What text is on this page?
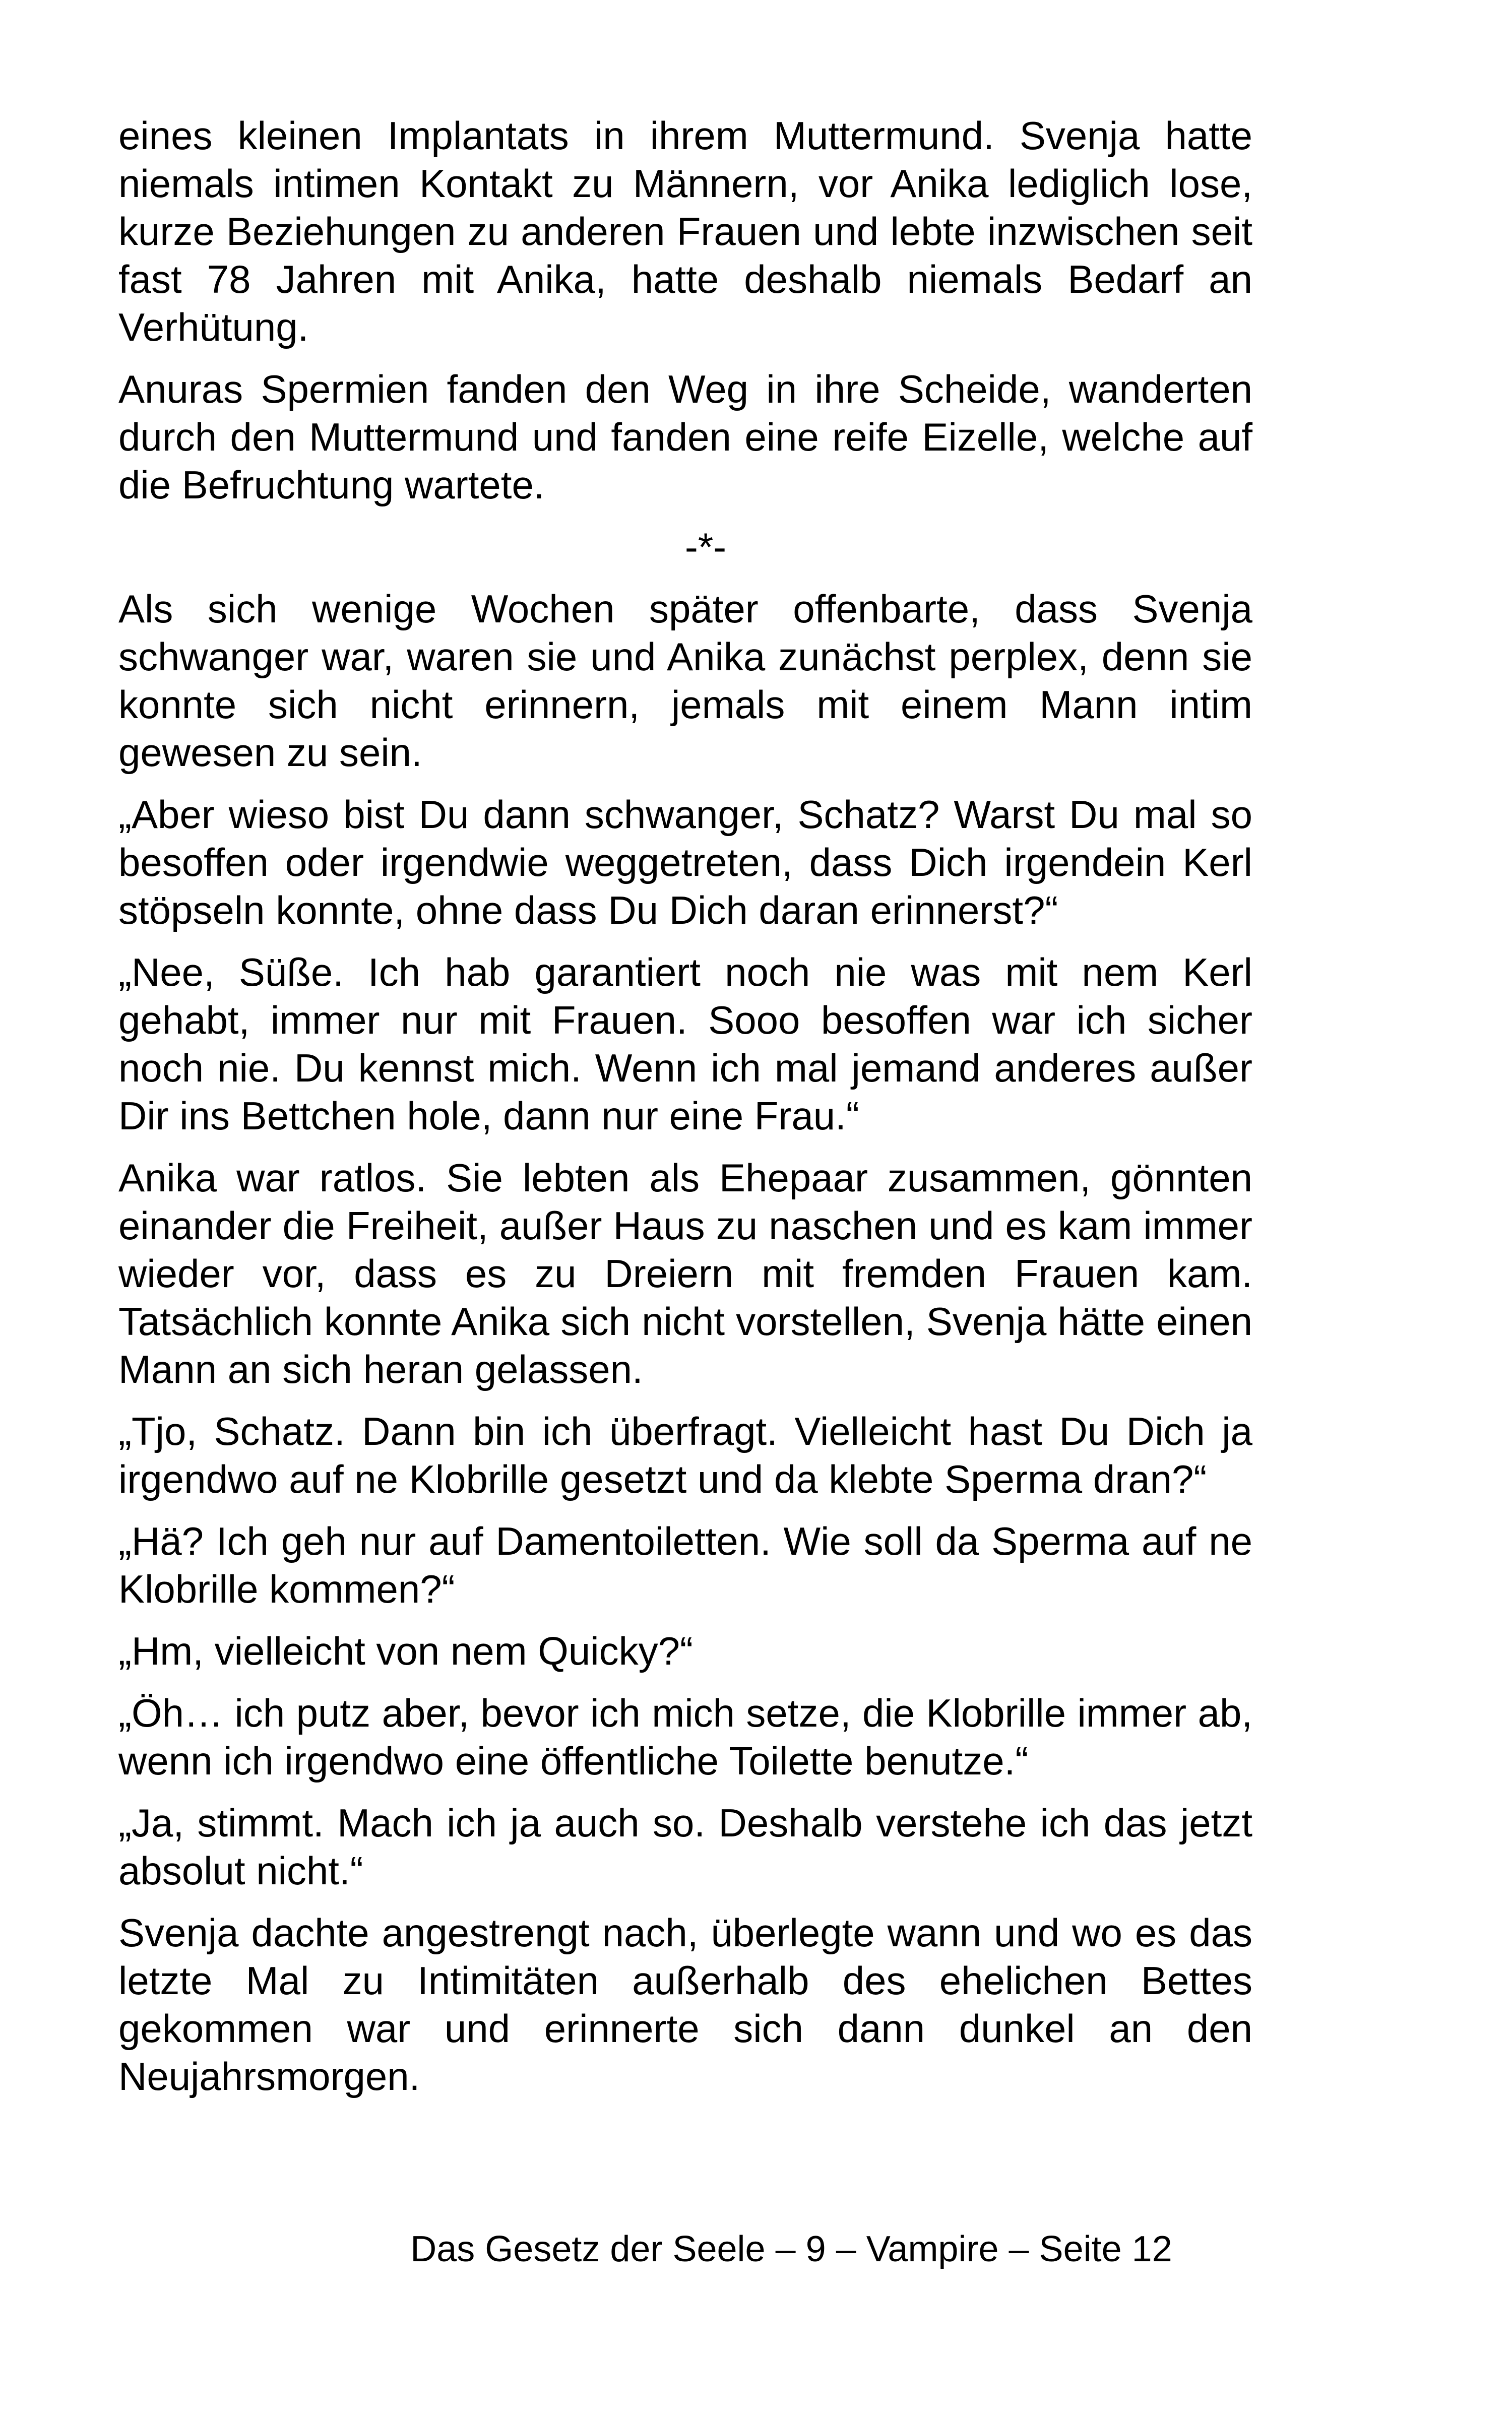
eines kleinen Implantats in ihrem Muttermund. Svenja hatte niemals intimen Kontakt zu Männern, vor Anika lediglich lose, kurze Beziehungen zu anderen Frauen und lebte inzwischen seit fast 78 Jahren mit Anika, hatte deshalb niemals Bedarf an Verhütung.

Anuras Spermien fanden den Weg in ihre Scheide, wanderten durch den Muttermund und fanden eine reife Eizelle, welche auf die Befruchtung wartete.

-*-

Als sich wenige Wochen später offenbarte, dass Svenja schwanger war, waren sie und Anika zunächst perplex, denn sie konnte sich nicht erinnern, jemals mit einem Mann intim gewesen zu sein.

„Aber wieso bist Du dann schwanger, Schatz? Warst Du mal so besoffen oder irgendwie weggetreten, dass Dich irgendein Kerl stöpseln konnte, ohne dass Du Dich daran erinnerst?“

„Nee, Süße. Ich hab garantiert noch nie was mit nem Kerl gehabt, immer nur mit Frauen. Sooo besoffen war ich sicher noch nie. Du kennst mich. Wenn ich mal jemand anderes außer Dir ins Bettchen hole, dann nur eine Frau.“

Anika war ratlos. Sie lebten als Ehepaar zusammen, gönnten einander die Freiheit, außer Haus zu naschen und es kam immer wieder vor, dass es zu Dreiern mit fremden Frauen kam. Tatsächlich konnte Anika sich nicht vorstellen, Svenja hätte einen Mann an sich heran gelassen.

„Tjo, Schatz. Dann bin ich überfragt. Vielleicht hast Du Dich ja irgendwo auf ne Klobrille gesetzt und da klebte Sperma dran?“

„Hä? Ich geh nur auf Damentoiletten. Wie soll da Sperma auf ne Klobrille kommen?“

„Hm, vielleicht von nem Quicky?“

„Öh… ich putz aber, bevor ich mich setze, die Klobrille immer ab, wenn ich irgendwo eine öffentliche Toilette benutze.“

„Ja, stimmt. Mach ich ja auch so. Deshalb verstehe ich das jetzt absolut nicht.“

Svenja dachte angestrengt nach, überlegte wann und wo es das letzte Mal zu Intimitäten außerhalb des ehelichen Bettes gekommen war und erinnerte sich dann dunkel an den Neujahrsmorgen.

Das Gesetz der Seele – 9 – Vampire – Seite 12
